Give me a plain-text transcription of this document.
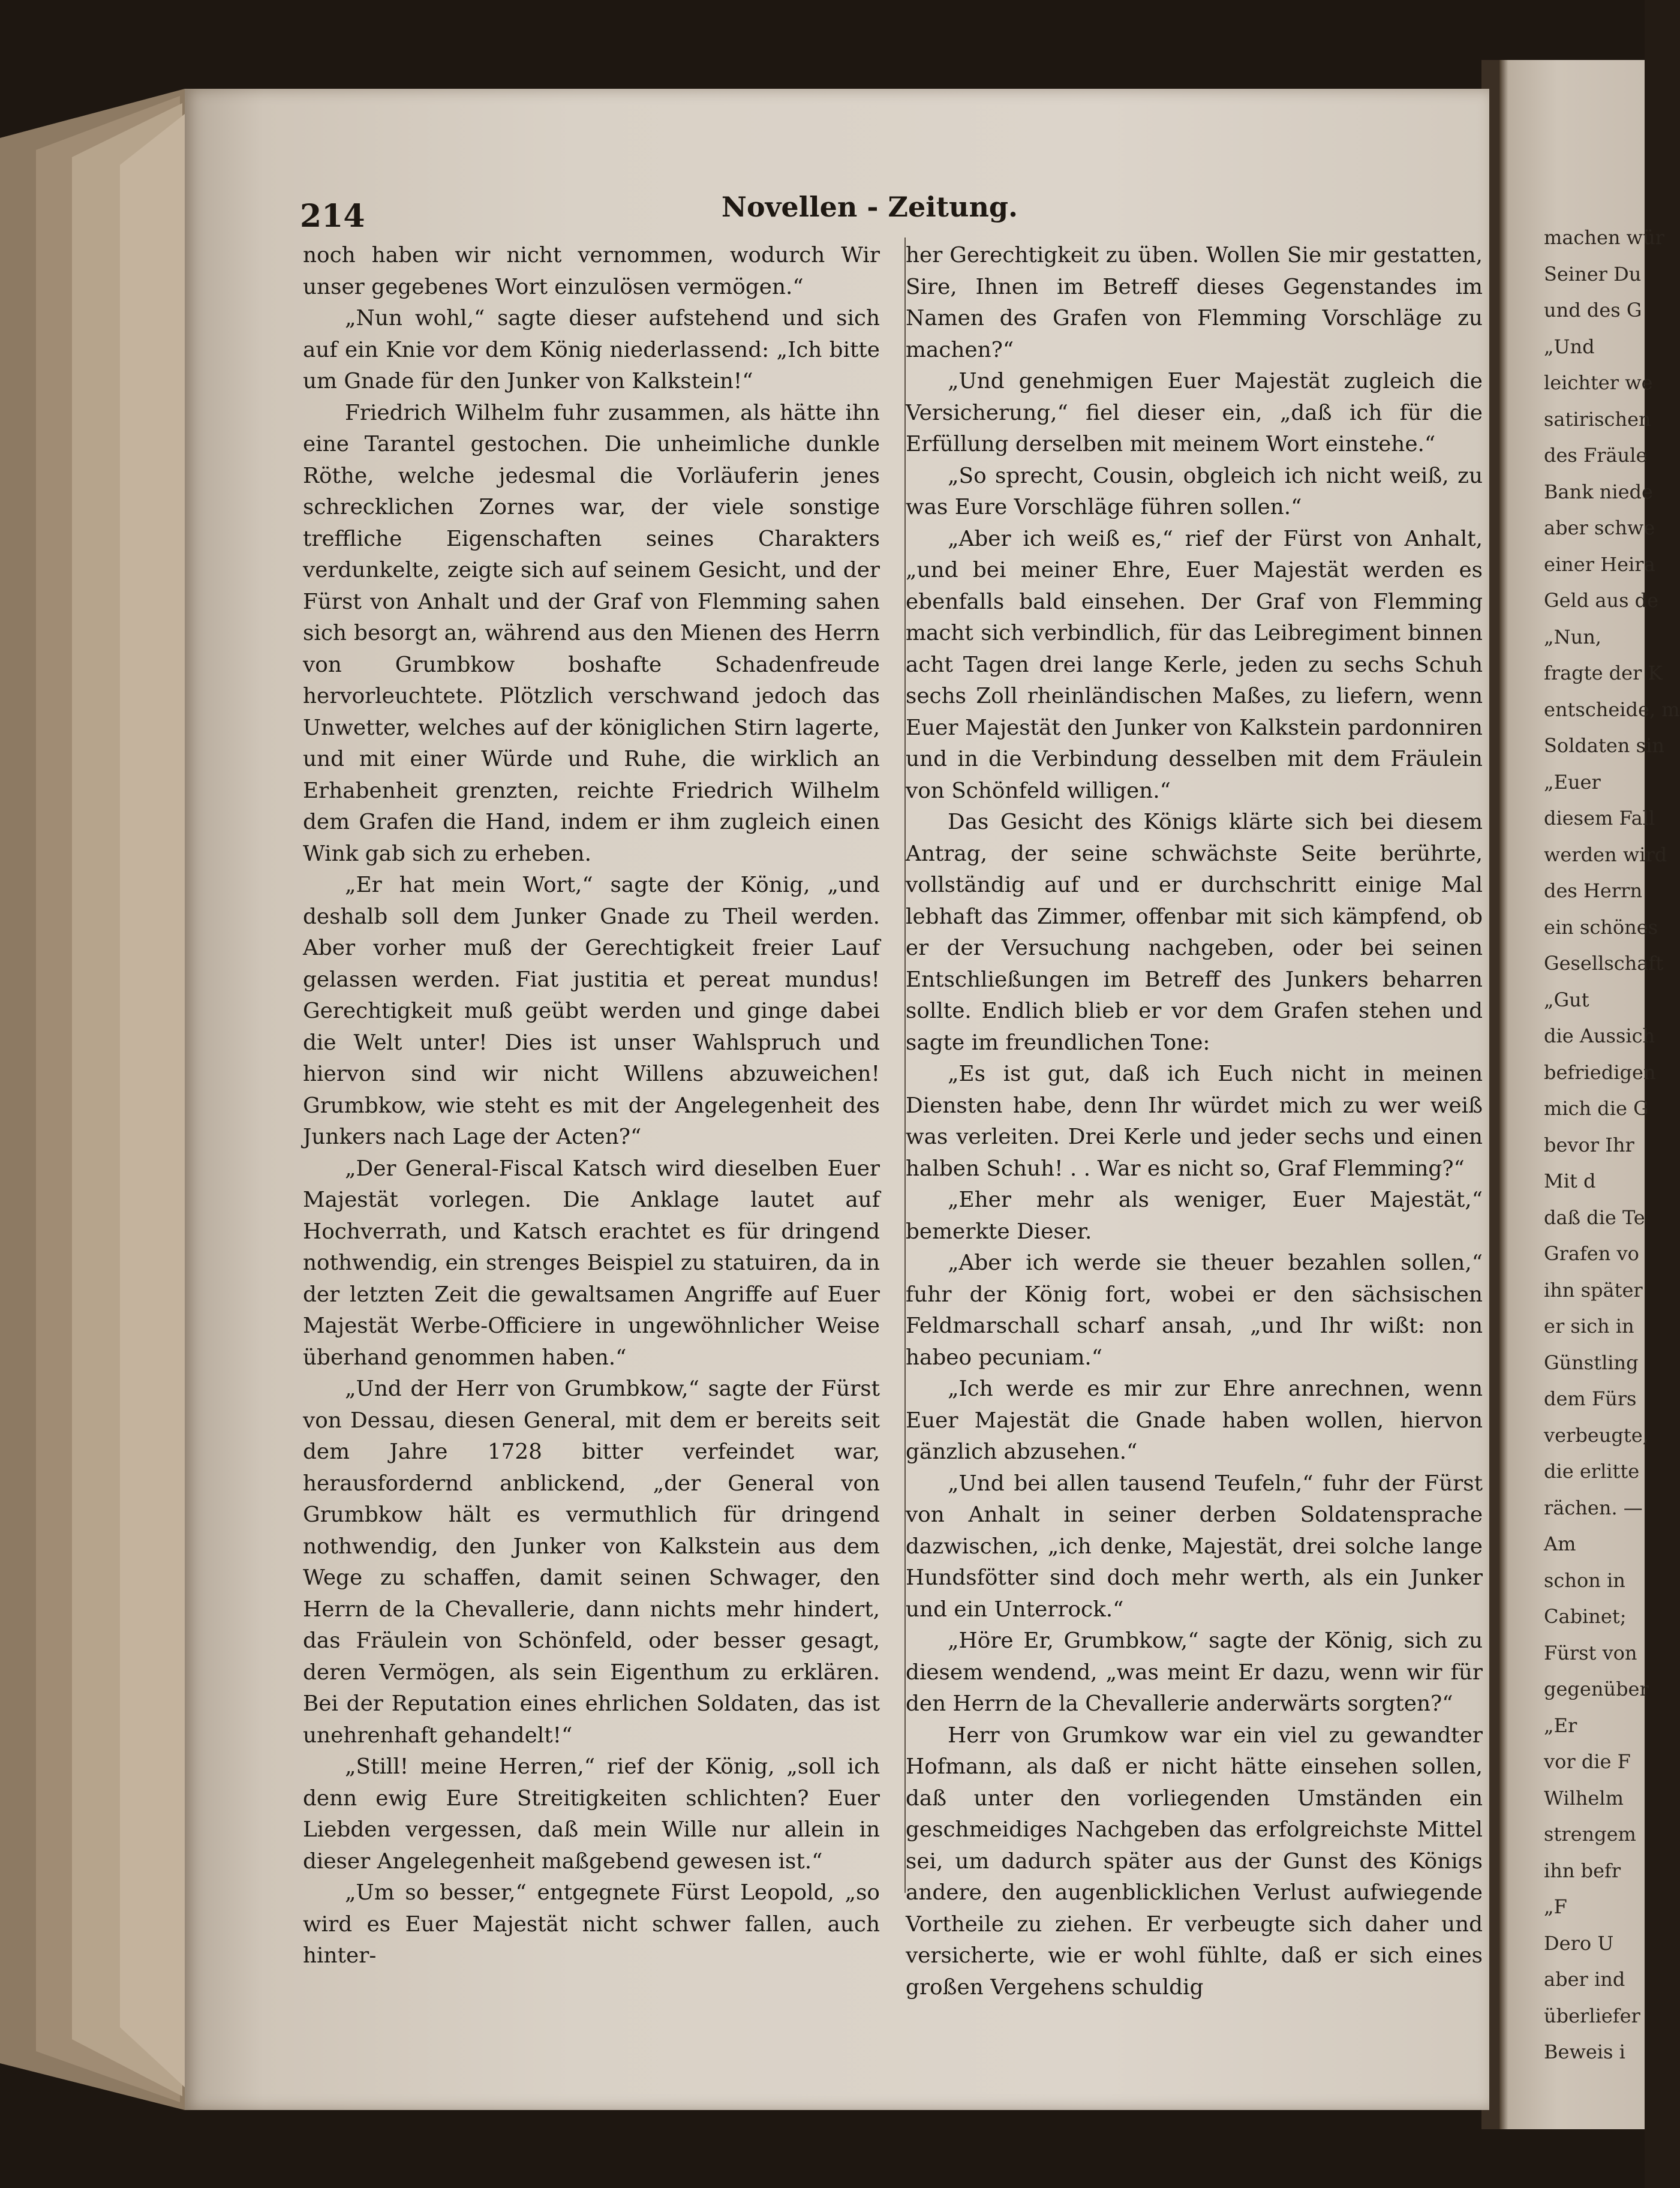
214	Novellen - Zeitung.

noch haben wir nicht vernommen, wodurch Wir unser gegebenes Wort einzulösen vermögen.“

„Nun wohl,“ sagte dieser aufstehend und sich auf ein Knie vor dem König niederlassend: „Ich bitte um Gnade für den Junker von Kalkstein!“

Friedrich Wilhelm fuhr zusammen, als hätte ihn eine Tarantel gestochen. Die unheimliche dunkle Röthe, welche jedesmal die Vorläuferin jenes schrecklichen Zornes war, der viele sonstige treffliche Eigenschaften seines Charakters verdunkelte, zeigte sich auf seinem Gesicht, und der Fürst von Anhalt und der Graf von Flemming sahen sich besorgt an, während aus den Mienen des Herrn von Grumbkow boshafte Schadenfreude hervorleuchtete. Plötzlich verschwand jedoch das Unwetter, welches auf der königlichen Stirn lagerte, und mit einer Würde und Ruhe, die wirklich an Erhabenheit grenzten, reichte Friedrich Wilhelm dem Grafen die Hand, indem er ihm zugleich einen Wink gab sich zu erheben.

„Er hat mein Wort,“ sagte der König, „und deshalb soll dem Junker Gnade zu Theil werden. Aber vorher muß der Gerechtigkeit freier Lauf gelassen werden. Fiat justitia et pereat mundus! Gerechtigkeit muß geübt werden und ginge dabei die Welt unter! Dies ist unser Wahlspruch und hiervon sind wir nicht Willens abzuweichen! Grumbkow, wie steht es mit der Angelegenheit des Junkers nach Lage der Acten?“

„Der General-Fiscal Katsch wird dieselben Euer Majestät vorlegen. Die Anklage lautet auf Hochverrath, und Katsch erachtet es für dringend nothwendig, ein strenges Beispiel zu statuiren, da in der letzten Zeit die gewaltsamen Angriffe auf Euer Majestät Werbe-Officiere in ungewöhnlicher Weise überhand genommen haben.“

„Und der Herr von Grumbkow,“ sagte der Fürst von Dessau, diesen General, mit dem er bereits seit dem Jahre 1728 bitter verfeindet war, herausfordernd anblickend, „der General von Grumbkow hält es vermuthlich für dringend nothwendig, den Junker von Kalkstein aus dem Wege zu schaffen, damit seinen Schwager, den Herrn de la Chevallerie, dann nichts mehr hindert, das Fräulein von Schönfeld, oder besser gesagt, deren Vermögen, als sein Eigenthum zu erklären. Bei der Reputation eines ehrlichen Soldaten, das ist unehrenhaft gehandelt!“

„Still! meine Herren,“ rief der König, „soll ich denn ewig Eure Streitigkeiten schlichten? Euer Liebden vergessen, daß mein Wille nur allein in dieser Angelegenheit maßgebend gewesen ist.“

„Um so besser,“ entgegnete Fürst Leopold, „so wird es Euer Majestät nicht schwer fallen, auch hinter-

her Gerechtigkeit zu üben. Wollen Sie mir gestatten, Sire, Ihnen im Betreff dieses Gegenstandes im Namen des Grafen von Flemming Vorschläge zu machen?“

„Und genehmigen Euer Majestät zugleich die Versicherung,“ fiel dieser ein, „daß ich für die Erfüllung derselben mit meinem Wort einstehe.“

„So sprecht, Cousin, obgleich ich nicht weiß, zu was Eure Vorschläge führen sollen.“

„Aber ich weiß es,“ rief der Fürst von Anhalt, „und bei meiner Ehre, Euer Majestät werden es ebenfalls bald einsehen. Der Graf von Flemming macht sich verbindlich, für das Leibregiment binnen acht Tagen drei lange Kerle, jeden zu sechs Schuh sechs Zoll rheinländischen Maßes, zu liefern, wenn Euer Majestät den Junker von Kalkstein pardonniren und in die Verbindung desselben mit dem Fräulein von Schönfeld willigen.“

Das Gesicht des Königs klärte sich bei diesem Antrag, der seine schwächste Seite berührte, vollständig auf und er durchschritt einige Mal lebhaft das Zimmer, offenbar mit sich kämpfend, ob er der Versuchung nachgeben, oder bei seinen Entschließungen im Betreff des Junkers beharren sollte. Endlich blieb er vor dem Grafen stehen und sagte im freundlichen Tone:

„Es ist gut, daß ich Euch nicht in meinen Diensten habe, denn Ihr würdet mich zu wer weiß was verleiten. Drei Kerle und jeder sechs und einen halben Schuh! . . War es nicht so, Graf Flemming?“

„Eher mehr als weniger, Euer Majestät,“ bemerkte Dieser.

„Aber ich werde sie theuer bezahlen sollen,“ fuhr der König fort, wobei er den sächsischen Feldmarschall scharf ansah, „und Ihr wißt: non habeo pecuniam.“

„Ich werde es mir zur Ehre anrechnen, wenn Euer Majestät die Gnade haben wollen, hiervon gänzlich abzusehen.“

„Und bei allen tausend Teufeln,“ fuhr der Fürst von Anhalt in seiner derben Soldatensprache dazwischen, „ich denke, Majestät, drei solche lange Hundsfötter sind doch mehr werth, als ein Junker und ein Unterrock.“

„Höre Er, Grumbkow,“ sagte der König, sich zu diesem wendend, „was meint Er dazu, wenn wir für den Herrn de la Chevallerie anderwärts sorgten?“

Herr von Grumkow war ein viel zu gewandter Hofmann, als daß er nicht hätte einsehen sollen, daß unter den vorliegenden Umständen ein geschmeidiges Nachgeben das erfolgreichste Mittel sei, um dadurch später aus der Gunst des Königs andere, den augenblicklichen Verlust aufwiegende Vortheile zu ziehen. Er verbeugte sich daher und versicherte, wie er wohl fühlte, daß er sich eines großen Vergehens schuldig

machen wür
Seiner Du
und des G
„Und
leichter we
satirischen
des Fräule
Bank niede
aber schwe
einer Heira
Geld aus de
„Nun,
fragte der K
entscheide, m
Soldaten sin
„Euer
diesem Fall
werden wird
des Herrn
ein schönes
Gesellschaft
„Gut
die Aussich
befriedigen
mich die G
bevor Ihr
Mit d
daß die Te
Grafen vo
ihn später
er sich in
Günstling
dem Fürs
verbeugte,
die erlitte
rächen. —
Am
schon in
Cabinet;
Fürst von
gegenüber
„Er
vor die F
Wilhelm
strengem
ihn befr
„F
Dero U
aber ind
überliefer
Beweis i
